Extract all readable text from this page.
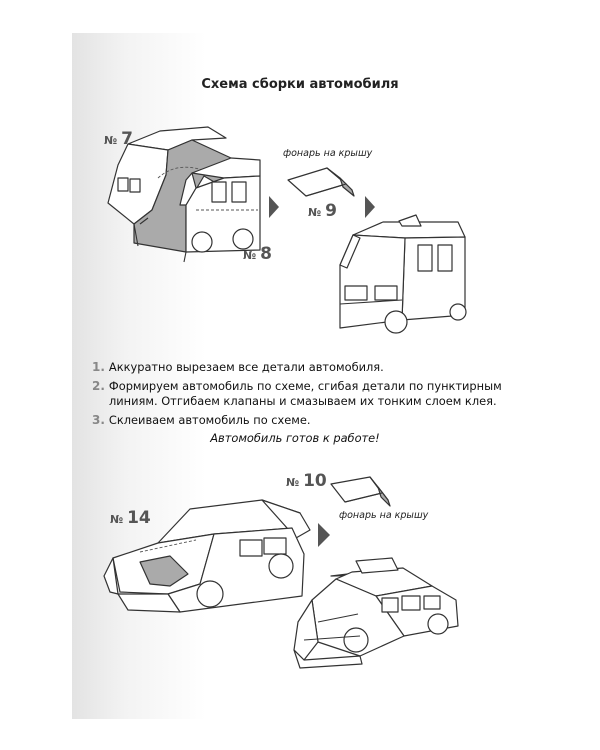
Схема сборки автомобиля

№ 7
№ 8
№ 9
№ 10
№ 14
фонарь на крышу
фонарь на крышу
1. Аккуратно вырезаем все детали автомобиля.
2. Формируем автомобиль по схеме, сгибая детали по пунктирным линиям. Отгибаем клапаны и смазываем их тонким слоем клея.
3. Склеиваем автомобиль по схеме.

Автомобиль готов к работе!
